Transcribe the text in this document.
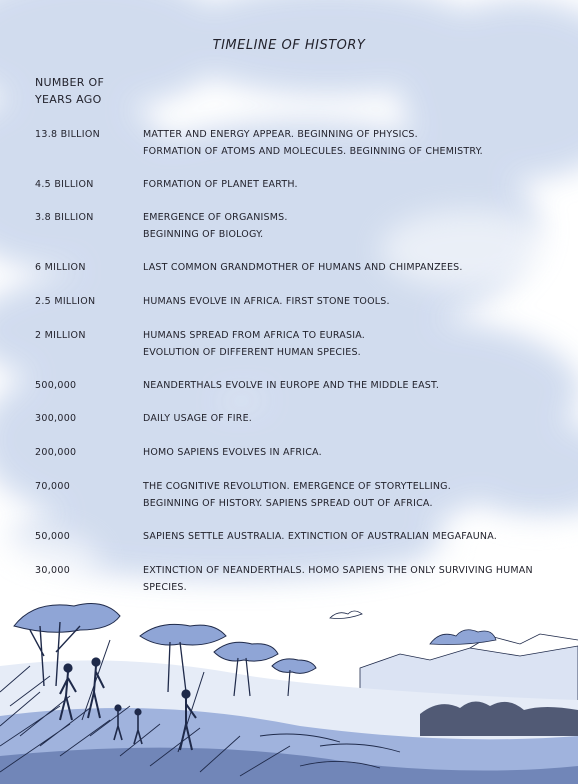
TIMELINE OF HISTORY
NUMBER OF
YEARS AGO
13.8 BILLION	MATTER AND ENERGY APPEAR. BEGINNING OF PHYSICS.
FORMATION OF ATOMS AND MOLECULES. BEGINNING OF CHEMISTRY.
4.5 BILLION	FORMATION OF PLANET EARTH.
3.8 BILLION	EMERGENCE OF ORGANISMS.
BEGINNING OF BIOLOGY.
6 MILLION	LAST COMMON GRANDMOTHER OF HUMANS AND CHIMPANZEES.
2.5 MILLION	HUMANS EVOLVE IN AFRICA. FIRST STONE TOOLS.
2 MILLION	HUMANS SPREAD FROM AFRICA TO EURASIA.
EVOLUTION OF DIFFERENT HUMAN SPECIES.
500,000	NEANDERTHALS EVOLVE IN EUROPE AND THE MIDDLE EAST.
300,000	DAILY USAGE OF FIRE.
200,000	HOMO SAPIENS EVOLVES IN AFRICA.
70,000	THE COGNITIVE REVOLUTION. EMERGENCE OF STORYTELLING.
BEGINNING OF HISTORY. SAPIENS SPREAD OUT OF AFRICA.
50,000	SAPIENS SETTLE AUSTRALIA. EXTINCTION OF AUSTRALIAN MEGAFAUNA.
30,000	EXTINCTION OF NEANDERTHALS. HOMO SAPIENS THE ONLY SURVIVING HUMAN
SPECIES.
